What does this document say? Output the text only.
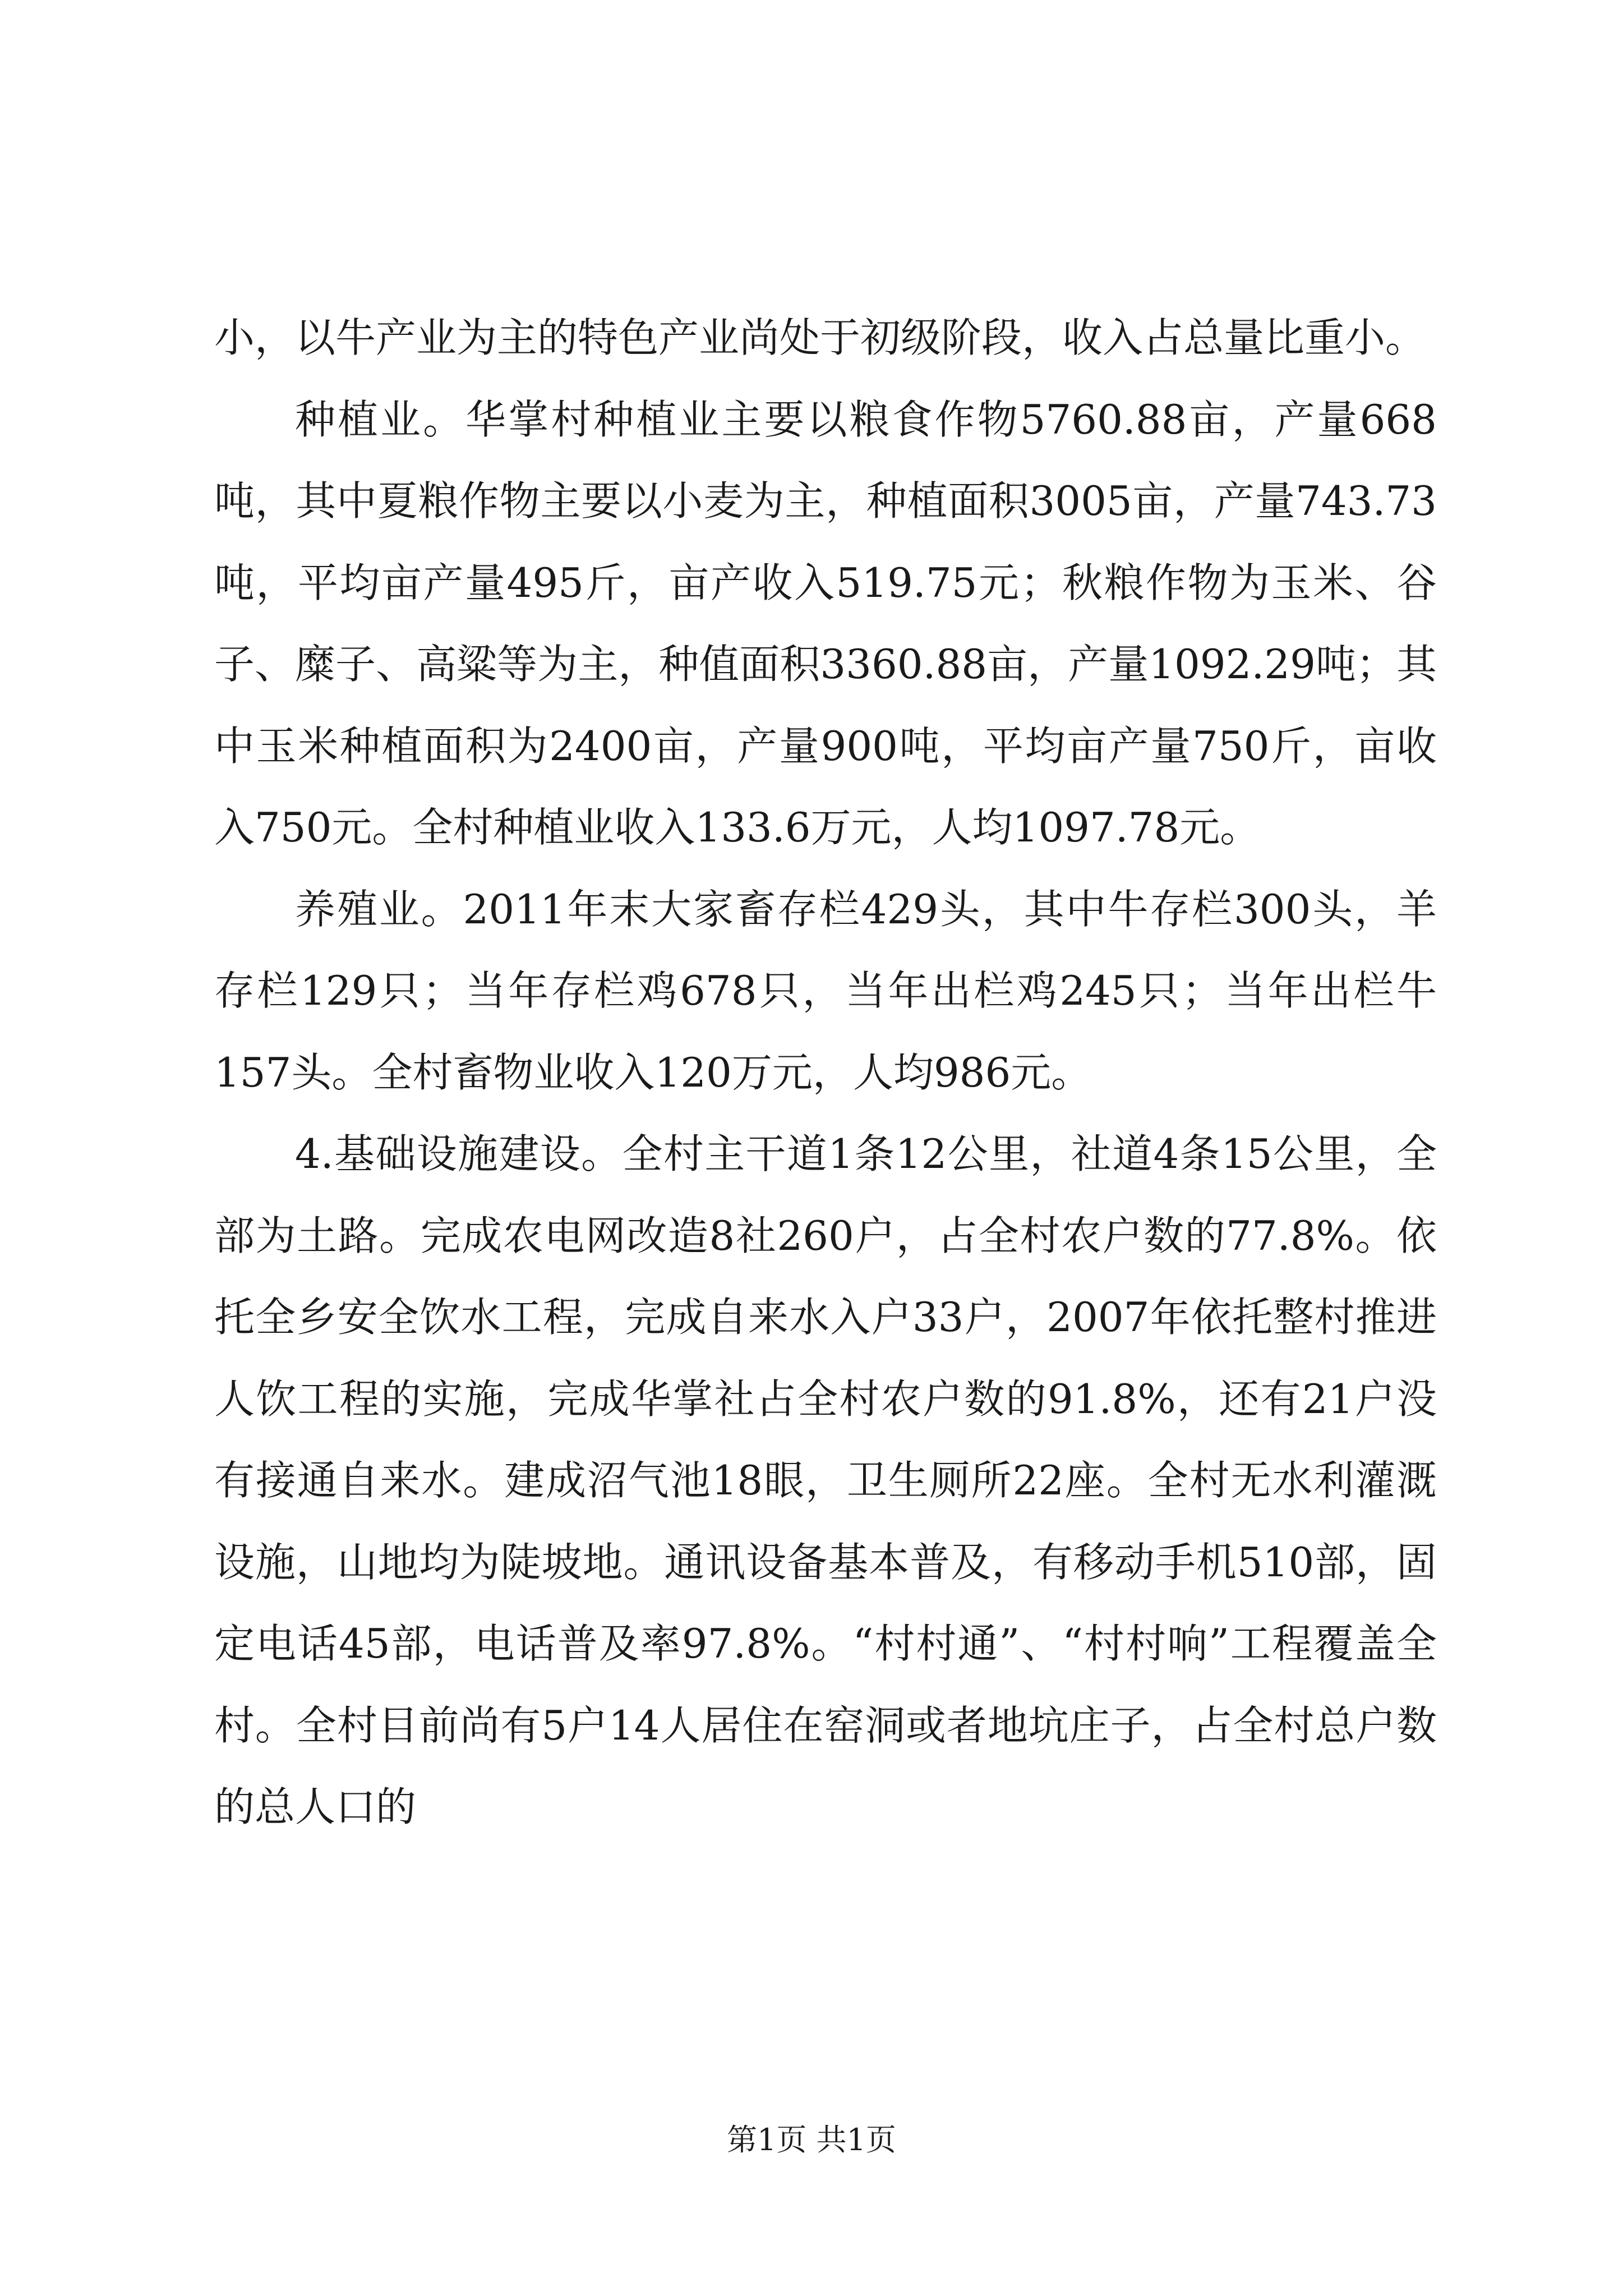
小，以牛产业为主的特色产业尚处于初级阶段，收入占总量比重小。

种植业。华掌村种植业主要以粮食作物5760.88亩，产量668吨，其中夏粮作物主要以小麦为主，种植面积3005亩，产量743.73吨，平均亩产量495斤，亩产收入519.75元；秋粮作物为玉米、谷子、糜子、高粱等为主，种值面积3360.88亩，产量1092.29吨；其中玉米种植面积为2400亩，产量900吨，平均亩产量750斤，亩收入750元。全村种植业收入133.6万元，人均1097.78元。

养殖业。2011年末大家畜存栏429头，其中牛存栏300头，羊存栏129只；当年存栏鸡678只，当年出栏鸡245只；当年出栏牛157头。全村畜物业收入120万元，人均986元。

4.基础设施建设。全村主干道1条12公里，社道4条15公里，全部为土路。完成农电网改造8社260户，占全村农户数的77.8%。依托全乡安全饮水工程，完成自来水入户33户，2007年依托整村推进人饮工程的实施，完成华掌社占全村农户数的91.8%，还有21户没有接通自来水。建成沼气池18眼，卫生厕所22座。全村无水利灌溉设施，山地均为陡坡地。通讯设备基本普及，有移动手机510部，固定电话45部，电话普及率97.8%。“村村通”、“村村响”工程覆盖全村。全村目前尚有5户14人居住在窑洞或者地坑庄子，占全村总户数的总人口的

第1页 共1页
